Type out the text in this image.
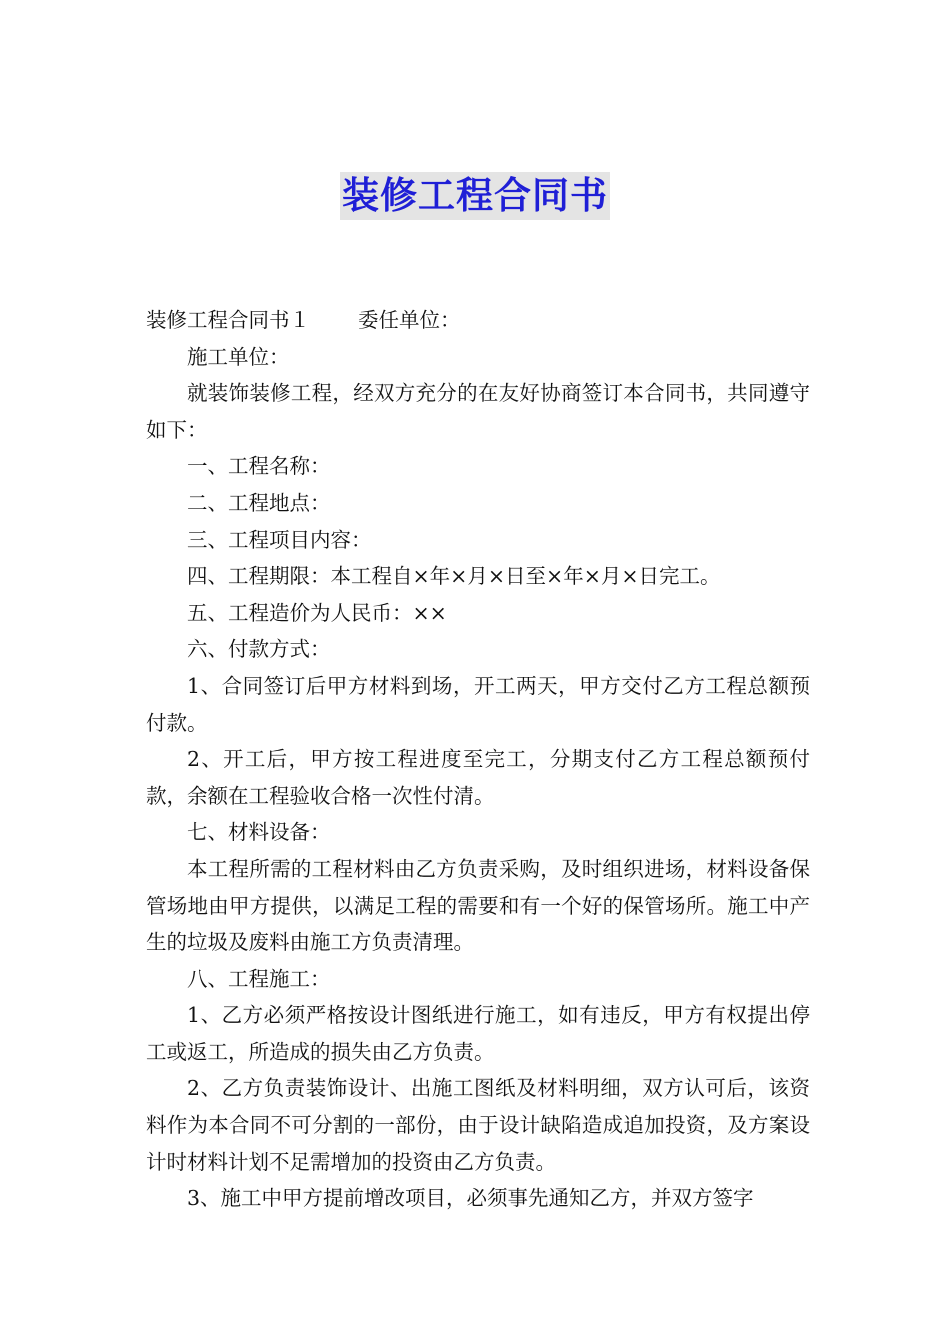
装修工程合同书

装修工程合同书１ 委任单位：

施工单位：

就装饰装修工程，经双方充分的在友好协商签订本合同书，共同遵守如下：

一、工程名称：

二、工程地点：

三、工程项目内容：

四、工程期限：本工程自×年×月×日至×年×月×日完工。

五、工程造价为人民币：××

六、付款方式：

1、合同签订后甲方材料到场，开工两天，甲方交付乙方工程总额预付款。

2、开工后，甲方按工程进度至完工，分期支付乙方工程总额预付款，余额在工程验收合格一次性付清。

七、材料设备：

本工程所需的工程材料由乙方负责采购，及时组织进场，材料设备保管场地由甲方提供，以满足工程的需要和有一个好的保管场所。施工中产生的垃圾及废料由施工方负责清理。

八、工程施工：

1、乙方必须严格按设计图纸进行施工，如有违反，甲方有权提出停工或返工，所造成的损失由乙方负责。

2、乙方负责装饰设计、出施工图纸及材料明细，双方认可后，该资料作为本合同不可分割的一部份，由于设计缺陷造成追加投资，及方案设计时材料计划不足需增加的投资由乙方负责。

3、施工中甲方提前增改项目，必须事先通知乙方，并双方签字
